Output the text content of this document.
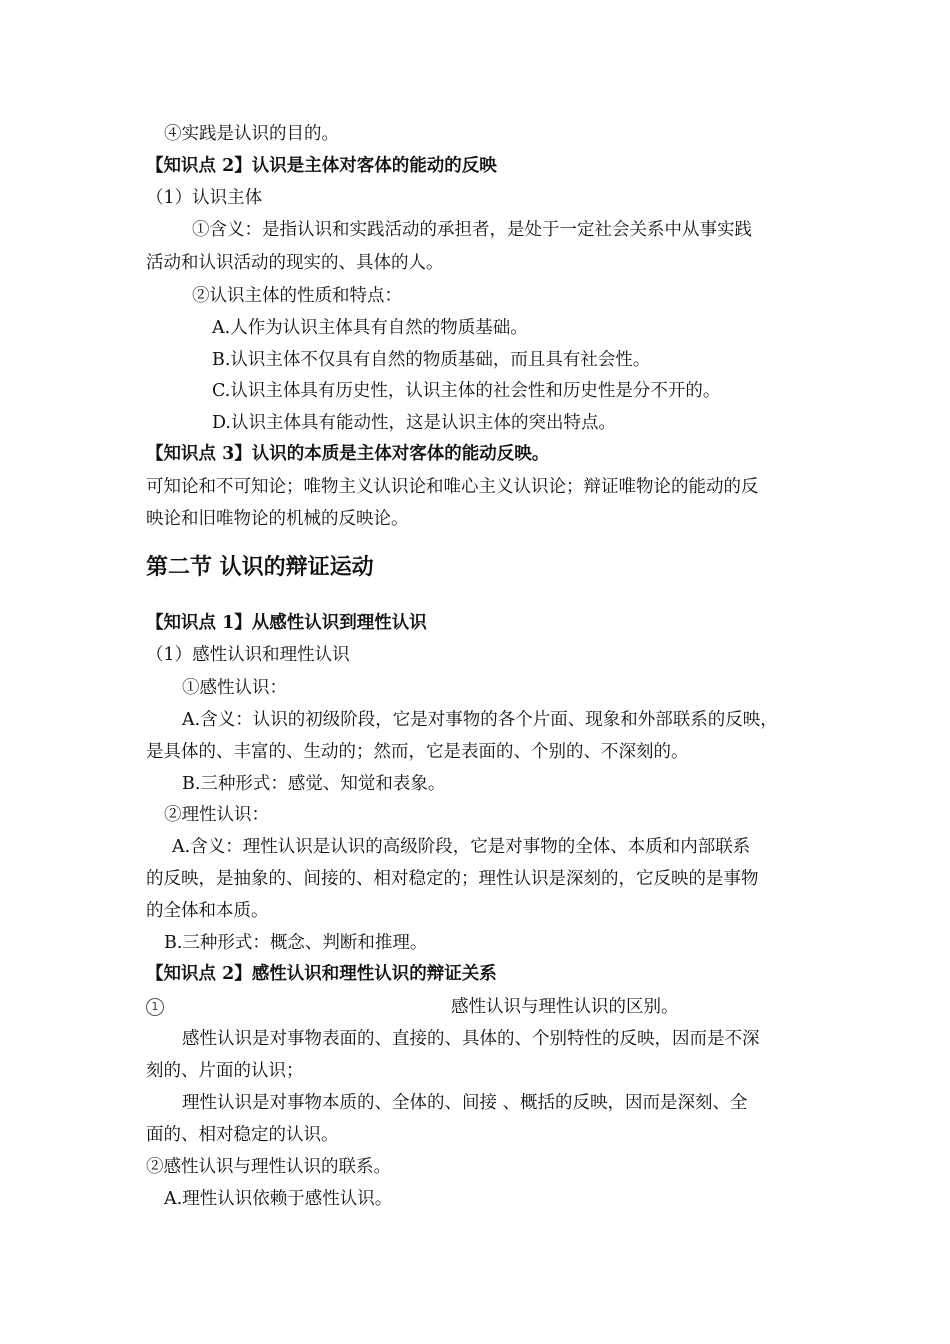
④实践是认识的目的。
【知识点 2】认识是主体对客体的能动的反映
（1）认识主体
①含义：是指认识和实践活动的承担者，是处于一定社会关系中从事实践
活动和认识活动的现实的、具体的人。
②认识主体的性质和特点：
A.人作为认识主体具有自然的物质基础。
B.认识主体不仅具有自然的物质基础，而且具有社会性。
C.认识主体具有历史性，认识主体的社会性和历史性是分不开的。
D.认识主体具有能动性，这是认识主体的突出特点。
【知识点 3】认识的本质是主体对客体的能动反映。
可知论和不可知论；唯物主义认识论和唯心主义认识论；辩证唯物论的能动的反
映论和旧唯物论的机械的反映论。
第二节 认识的辩证运动
【知识点 1】从感性认识到理性认识
（1）感性认识和理性认识
①感性认识：
A.含义：认识的初级阶段，它是对事物的各个片面、现象和外部联系的反映，
是具体的、丰富的、生动的；然而，它是表面的、个别的、不深刻的。
B.三种形式：感觉、知觉和表象。
②理性认识：
A.含义：理性认识是认识的高级阶段，它是对事物的全体、本质和内部联系
的反映，是抽象的、间接的、相对稳定的；理性认识是深刻的，它反映的是事物
的全体和本质。
B.三种形式：概念、判断和推理。
【知识点 2】感性认识和理性认识的辩证关系
1	感性认识与理性认识的区别。
感性认识是对事物表面的、直接的、具体的、个别特性的反映，因而是不深
刻的、片面的认识；
理性认识是对事物本质的、全体的、间接 、概括的反映，因而是深刻、全
面的、相对稳定的认识。
②感性认识与理性认识的联系。
A.理性认识依赖于感性认识。
